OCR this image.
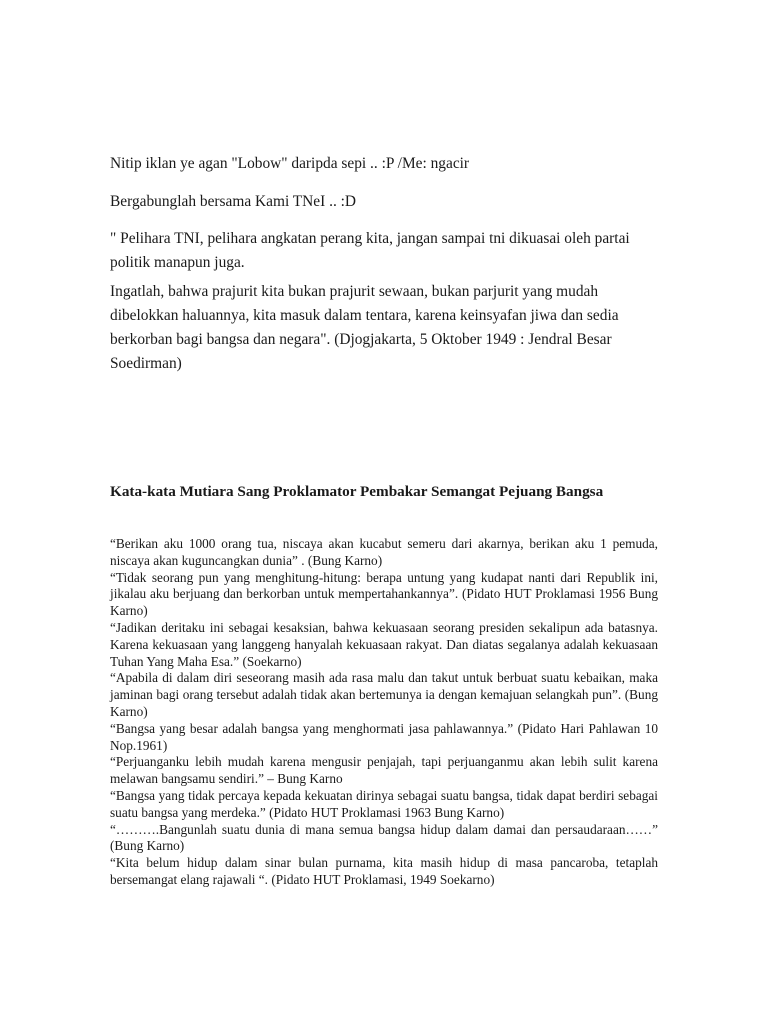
Nitip iklan ye agan "Lobow" daripda sepi .. :P /Me: ngacir

Bergabunglah bersama Kami TNeI .. :D

" Pelihara TNI, pelihara angkatan perang kita, jangan sampai tni dikuasai oleh partai politik manapun juga.

Ingatlah, bahwa prajurit kita bukan prajurit sewaan, bukan parjurit yang mudah dibelokkan haluannya, kita masuk dalam tentara, karena keinsyafan jiwa dan sedia berkorban bagi bangsa dan negara". (Djogjakarta, 5 Oktober 1949 : Jendral Besar Soedirman)

Kata-kata Mutiara Sang Proklamator Pembakar Semangat Pejuang Bangsa

“Berikan aku 1000 orang tua, niscaya akan kucabut semeru dari akarnya, berikan aku 1 pemuda, niscaya akan kuguncangkan dunia” . (Bung Karno)

“Tidak seorang pun yang menghitung-hitung: berapa untung yang kudapat nanti dari Republik ini, jikalau aku berjuang dan berkorban untuk mempertahankannya”. (Pidato HUT Proklamasi 1956 Bung Karno)

“Jadikan deritaku ini sebagai kesaksian, bahwa kekuasaan seorang presiden sekalipun ada batasnya. Karena kekuasaan yang langgeng hanyalah kekuasaan rakyat. Dan diatas segalanya adalah kekuasaan Tuhan Yang Maha Esa.” (Soekarno)

“Apabila di dalam diri seseorang masih ada rasa malu dan takut untuk berbuat suatu kebaikan, maka jaminan bagi orang tersebut adalah tidak akan bertemunya ia dengan kemajuan selangkah pun”. (Bung Karno)

“Bangsa yang besar adalah bangsa yang menghormati jasa pahlawannya.” (Pidato Hari Pahlawan 10 Nop.1961)

“Perjuanganku lebih mudah karena mengusir penjajah, tapi perjuanganmu akan lebih sulit karena melawan bangsamu sendiri.” – Bung Karno

“Bangsa yang tidak percaya kepada kekuatan dirinya sebagai suatu bangsa, tidak dapat berdiri sebagai suatu bangsa yang merdeka.” (Pidato HUT Proklamasi 1963 Bung Karno)

“……….Bangunlah suatu dunia di mana semua bangsa hidup dalam damai dan persaudaraan……” (Bung Karno)

“Kita belum hidup dalam sinar bulan purnama, kita masih hidup di masa pancaroba, tetaplah bersemangat elang rajawali “. (Pidato HUT Proklamasi, 1949 Soekarno)
